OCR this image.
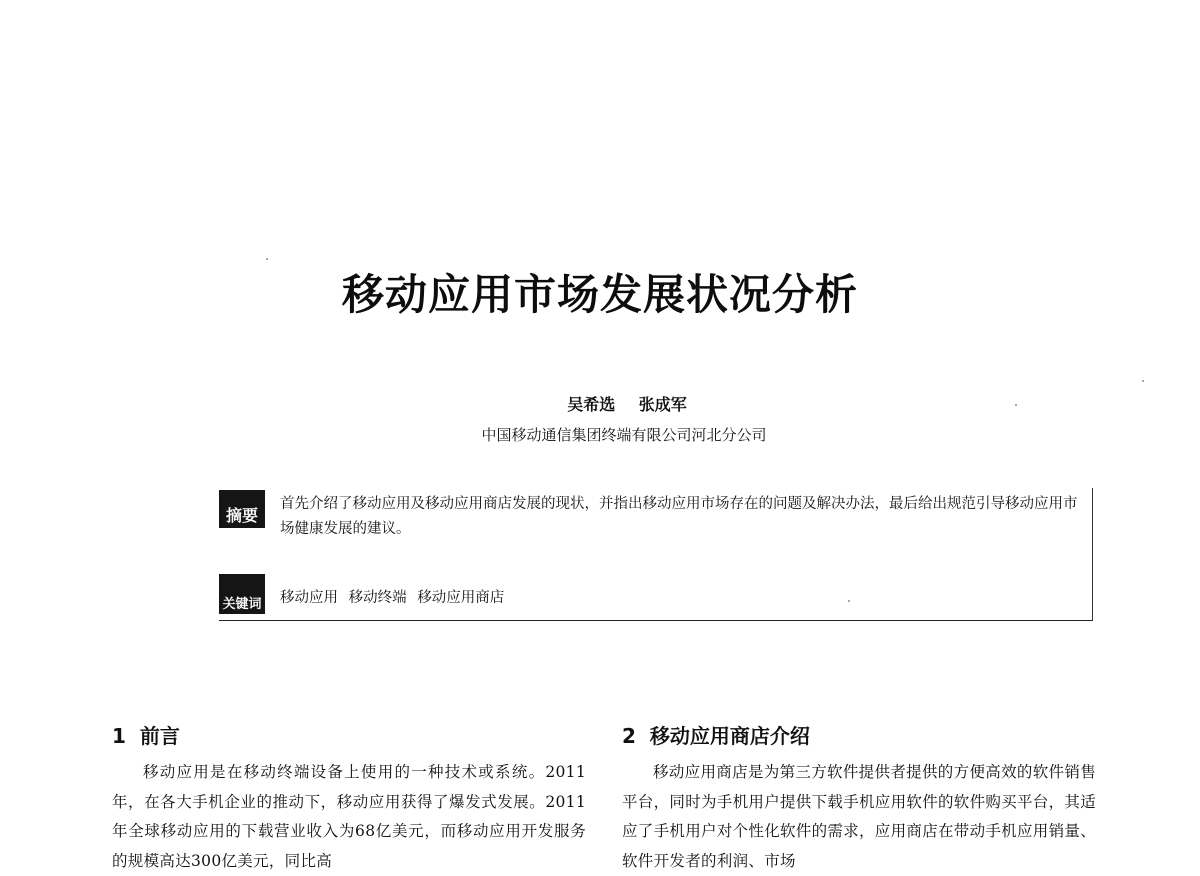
移动应用市场发展状况分析
吴希选 张成军
中国移动通信集团终端有限公司河北分公司
摘要
首先介绍了移动应用及移动应用商店发展的现状，并指出移动应用市场存在的问题及解决办法，最后给出规范引导移动应用市场健康发展的建议。
关键词 移动应用 移动终端 移动应用商店
1 前言

移动应用是在移动终端设备上使用的一种技术或系统。2011年，在各大手机企业的推动下，移动应用获得了爆发式发展。2011年全球移动应用的下载营业收入为68亿美元，而移动应用开发服务的规模高达300亿美元，同比高

2 移动应用商店介绍

移动应用商店是为第三方软件提供者提供的方便高效的软件销售平台，同时为手机用户提供下载手机应用软件的软件购买平台，其适应了手机用户对个性化软件的需求，应用商店在带动手机应用销量、软件开发者的利润、市场
